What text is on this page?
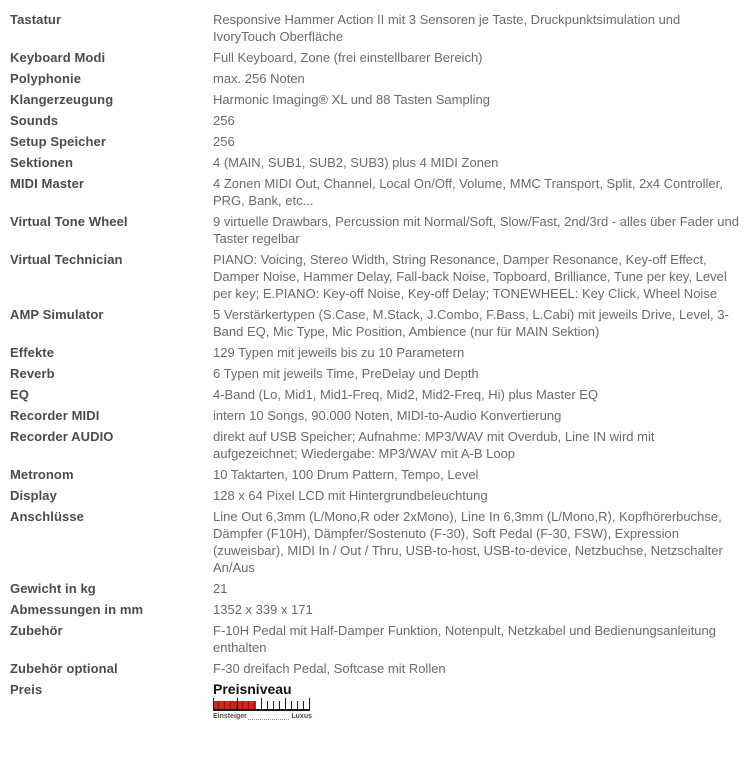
Tastatur	Responsive Hammer Action II mit 3 Sensoren je Taste, Druckpunktsimulation und IvoryTouch Oberfläche
Keyboard Modi	Full Keyboard, Zone (frei einstellbarer Bereich)
Polyphonie	max. 256 Noten
Klangerzeugung	Harmonic Imaging® XL und 88 Tasten Sampling
Sounds	256
Setup Speicher	256
Sektionen	4 (MAIN, SUB1, SUB2, SUB3) plus 4 MIDI Zonen
MIDI Master	4 Zonen MIDI Out, Channel, Local On/Off, Volume, MMC Transport, Split, 2x4 Controller, PRG, Bank, etc...
Virtual Tone Wheel	9 virtuelle Drawbars, Percussion mit Normal/Soft, Slow/Fast, 2nd/3rd - alles über Fader und Taster regelbar
Virtual Technician	PIANO: Voicing, Stereo Width, String Resonance, Damper Resonance, Key-off Effect, Damper Noise, Hammer Delay, Fall-back Noise, Topboard, Brilliance, Tune per key, Level per key; E.PIANO: Key-off Noise, Key-off Delay; TONEWHEEL: Key Click, Wheel Noise
AMP Simulator	5 Verstärkertypen (S.Case, M.Stack, J.Combo, F.Bass, L.Cabi) mit jeweils Drive, Level, 3-Band EQ, Mic Type, Mic Position, Ambience (nur für MAIN Sektion)
Effekte	129 Typen mit jeweils bis zu 10 Parametern
Reverb	6 Typen mit jeweils Time, PreDelay und Depth
EQ	4-Band (Lo, Mid1, Mid1-Freq, Mid2, Mid2-Freq, Hi) plus Master EQ
Recorder MIDI	intern 10 Songs, 90.000 Noten, MIDI-to-Audio Konvertierung
Recorder AUDIO	direkt auf USB Speicher; Aufnahme: MP3/WAV mit Overdub, Line IN wird mit aufgezeichnet; Wiedergabe: MP3/WAV mit A-B Loop
Metronom	10 Taktarten, 100 Drum Pattern, Tempo, Level
Display	128 x 64 Pixel LCD mit Hintergrundbeleuchtung
Anschlüsse	Line Out 6,3mm (L/Mono,R oder 2xMono), Line In 6,3mm (L/Mono,R), Kopfhörerbuchse, Dämpfer (F10H), Dämpfer/Sostenuto (F-30), Soft Pedal (F-30, FSW), Expression (zuweisbar), MIDI In / Out / Thru, USB-to-host, USB-to-device, Netzbuchse, Netzschalter An/Aus
Gewicht in kg	21
Abmessungen in mm	1352 x 339 x 171
Zubehör	F-10H Pedal mit Half-Damper Funktion, Notenpult, Netzkabel und Bedienungsanleitung enthalten
Zubehör optional	F-30 dreifach Pedal, Softcase mit Rollen
Preis	Preisniveau
Einsteiger	Luxus
